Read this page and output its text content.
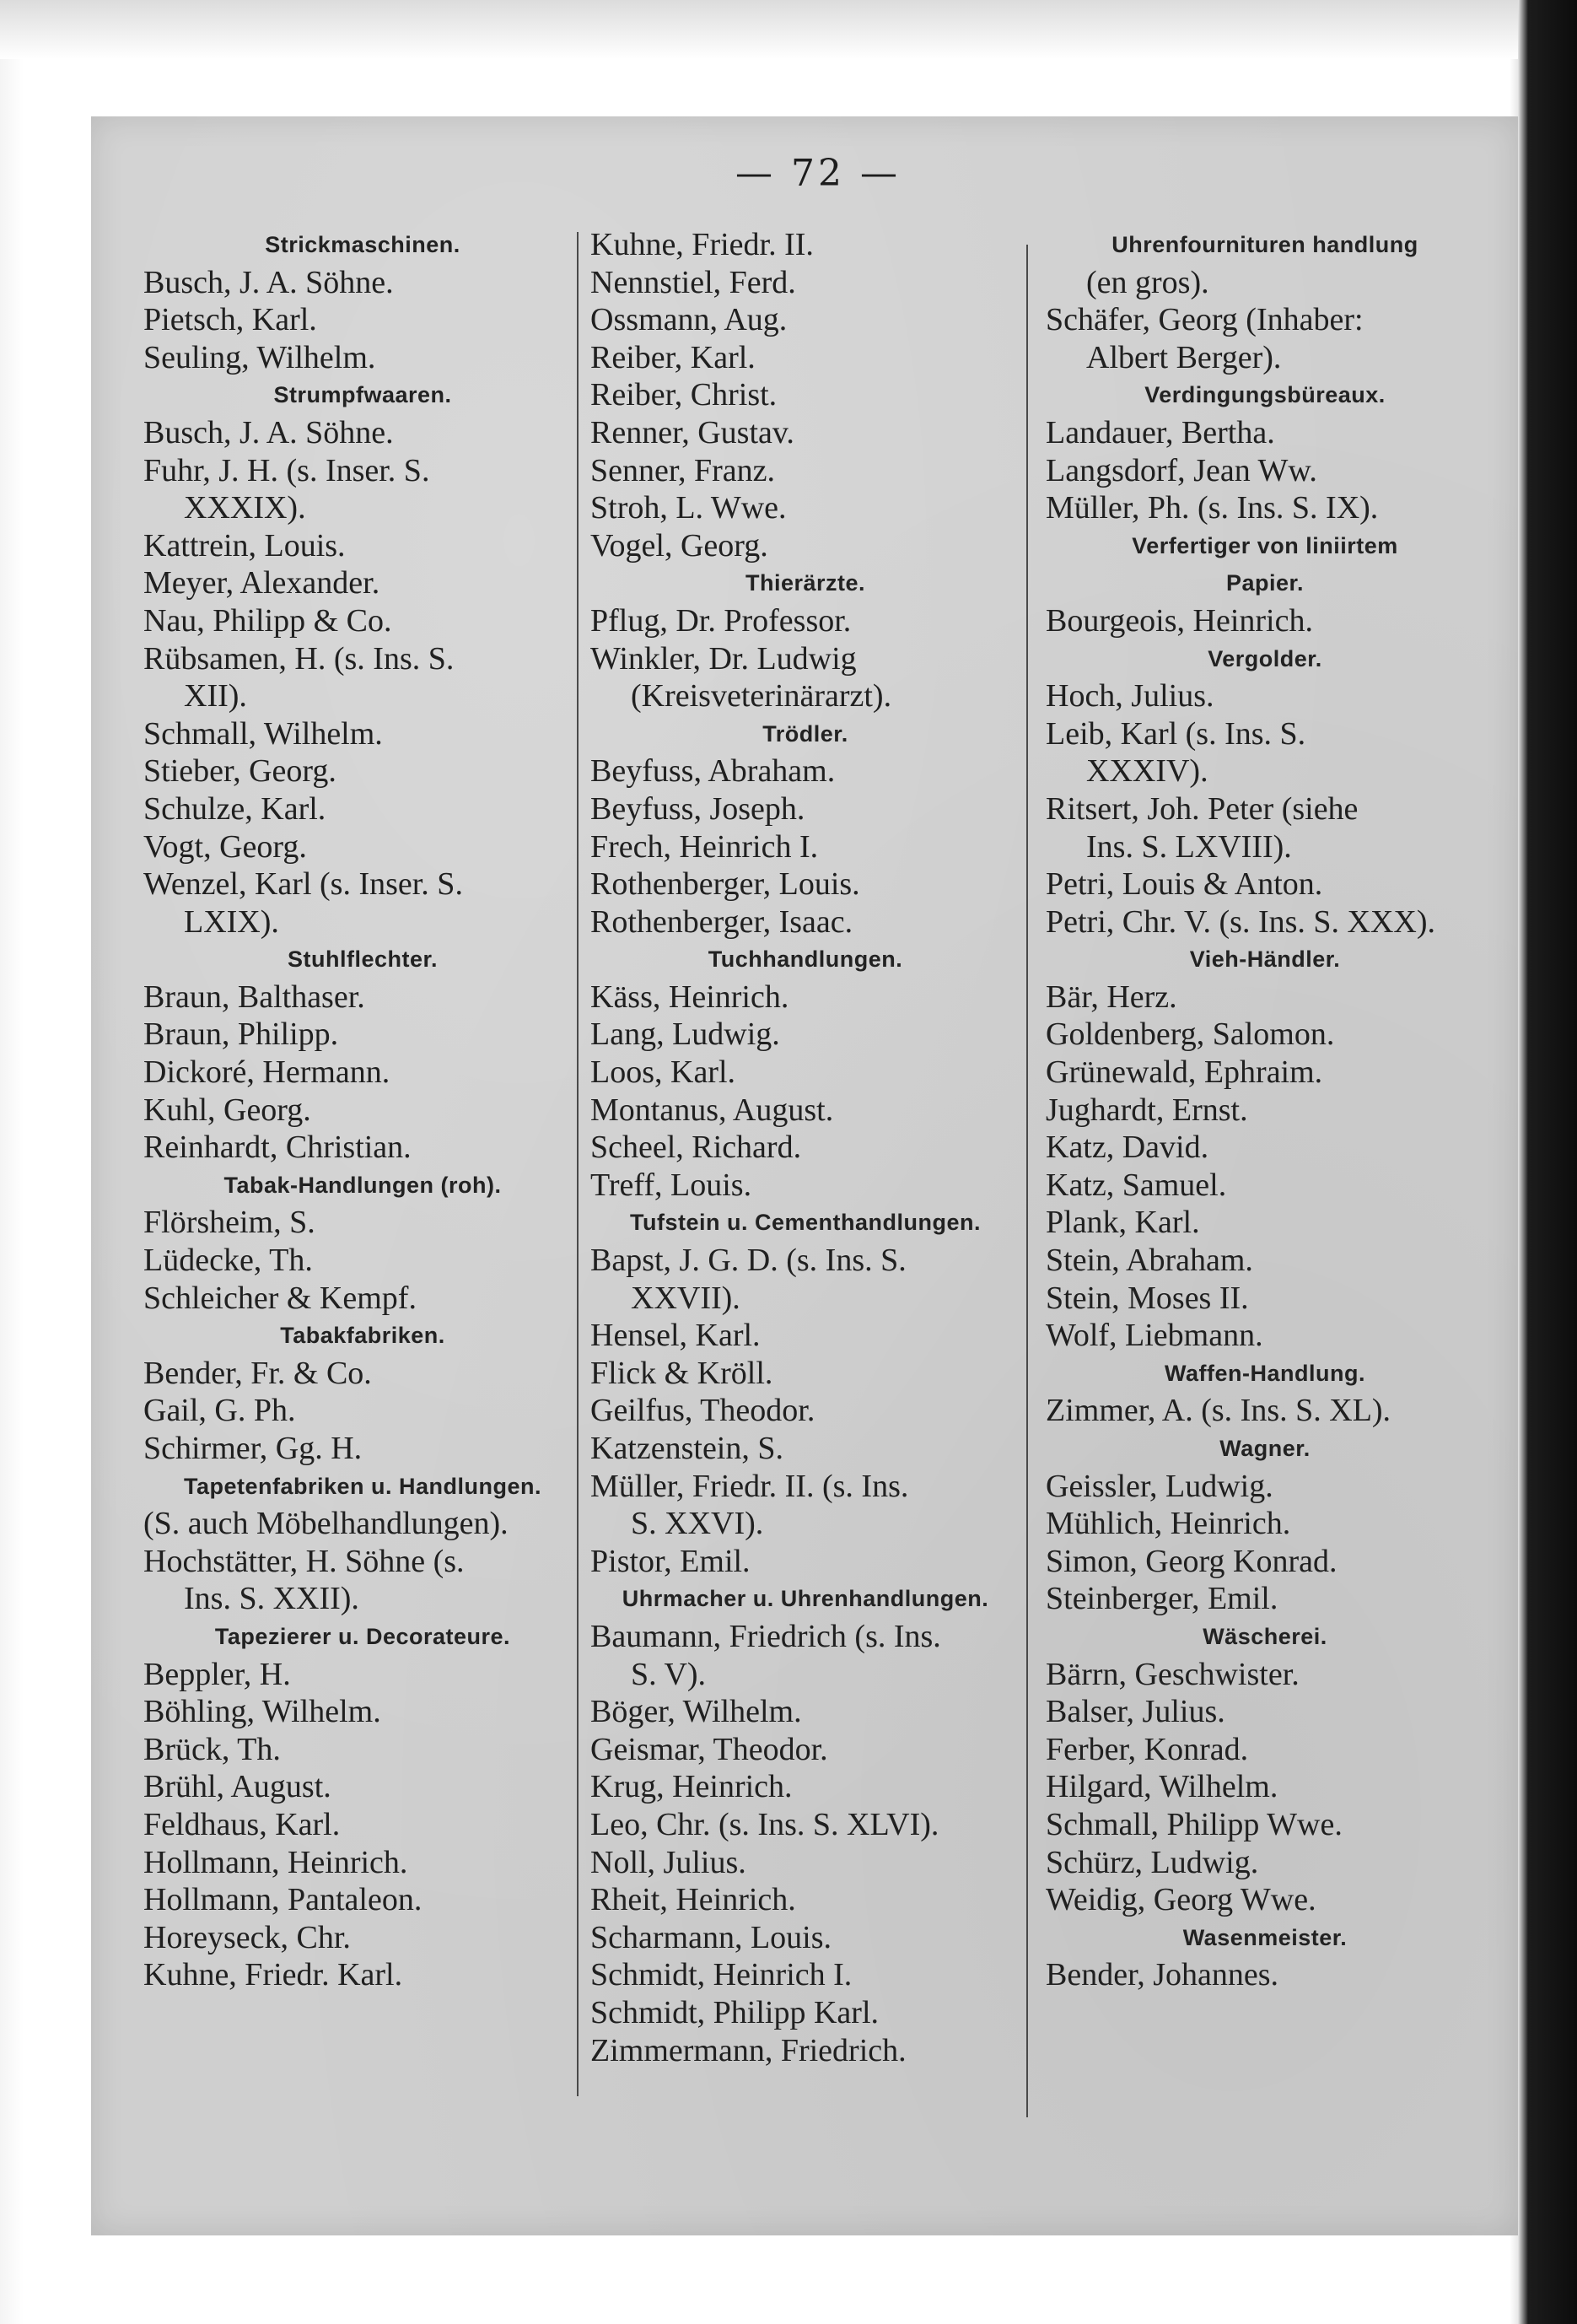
— 72 —
Strickmaschinen.
Busch, J. A. Söhne.
Pietsch, Karl.
Seuling, Wilhelm.
Strumpfwaaren.
Busch, J. A. Söhne.
Fuhr, J. H. (s. Inser. S.
XXXIX).
Kattrein, Louis.
Meyer, Alexander.
Nau, Philipp & Co.
Rübsamen, H. (s. Ins. S.
XII).
Schmall, Wilhelm.
Stieber, Georg.
Schulze, Karl.
Vogt, Georg.
Wenzel, Karl (s. Inser. S.
LXIX).
Stuhlflechter.
Braun, Balthaser.
Braun, Philipp.
Dickoré, Hermann.
Kuhl, Georg.
Reinhardt, Christian.
Tabak-Handlungen (roh).
Flörsheim, S.
Lüdecke, Th.
Schleicher & Kempf.
Tabakfabriken.
Bender, Fr. & Co.
Gail, G. Ph.
Schirmer, Gg. H.
Tapetenfabriken u. Handlungen.
(S. auch Möbelhandlungen).
Hochstätter, H. Söhne (s.
Ins. S. XXII).
Tapezierer u. Decorateure.
Beppler, H.
Böhling, Wilhelm.
Brück, Th.
Brühl, August.
Feldhaus, Karl.
Hollmann, Heinrich.
Hollmann, Pantaleon.
Horeyseck, Chr.
Kuhne, Friedr. Karl.
Kuhne, Friedr. II.
Nennstiel, Ferd.
Ossmann, Aug.
Reiber, Karl.
Reiber, Christ.
Renner, Gustav.
Senner, Franz.
Stroh, L. Wwe.
Vogel, Georg.
Thierärzte.
Pflug, Dr. Professor.
Winkler, Dr. Ludwig
(Kreisveterinärarzt).
Trödler.
Beyfuss, Abraham.
Beyfuss, Joseph.
Frech, Heinrich I.
Rothenberger, Louis.
Rothenberger, Isaac.
Tuchhandlungen.
Käss, Heinrich.
Lang, Ludwig.
Loos, Karl.
Montanus, August.
Scheel, Richard.
Treff, Louis.
Tufstein u. Cementhandlungen.
Bapst, J. G. D. (s. Ins. S.
XXVII).
Hensel, Karl.
Flick & Kröll.
Geilfus, Theodor.
Katzenstein, S.
Müller, Friedr. II. (s. Ins.
S. XXVI).
Pistor, Emil.
Uhrmacher u. Uhrenhandlungen.
Baumann, Friedrich (s. Ins.
S. V).
Böger, Wilhelm.
Geismar, Theodor.
Krug, Heinrich.
Leo, Chr. (s. Ins. S. XLVI).
Noll, Julius.
Rheit, Heinrich.
Scharmann, Louis.
Schmidt, Heinrich I.
Schmidt, Philipp Karl.
Zimmermann, Friedrich.
Uhrenfournituren handlung
(en gros).
Schäfer, Georg (Inhaber:
Albert Berger).
Verdingungsbüreaux.
Landauer, Bertha.
Langsdorf, Jean Ww.
Müller, Ph. (s. Ins. S. IX).
Verfertiger von liniirtem
Papier.
Bourgeois, Heinrich.
Vergolder.
Hoch, Julius.
Leib, Karl (s. Ins. S.
XXXIV).
Ritsert, Joh. Peter (siehe
Ins. S. LXVIII).
Petri, Louis & Anton.
Petri, Chr. V. (s. Ins. S. XXX).
Vieh-Händler.
Bär, Herz.
Goldenberg, Salomon.
Grünewald, Ephraim.
Jughardt, Ernst.
Katz, David.
Katz, Samuel.
Plank, Karl.
Stein, Abraham.
Stein, Moses II.
Wolf, Liebmann.
Waffen-Handlung.
Zimmer, A. (s. Ins. S. XL).
Wagner.
Geissler, Ludwig.
Mühlich, Heinrich.
Simon, Georg Konrad.
Steinberger, Emil.
Wäscherei.
Bärrn, Geschwister.
Balser, Julius.
Ferber, Konrad.
Hilgard, Wilhelm.
Schmall, Philipp Wwe.
Schürz, Ludwig.
Weidig, Georg Wwe.
Wasenmeister.
Bender, Johannes.
